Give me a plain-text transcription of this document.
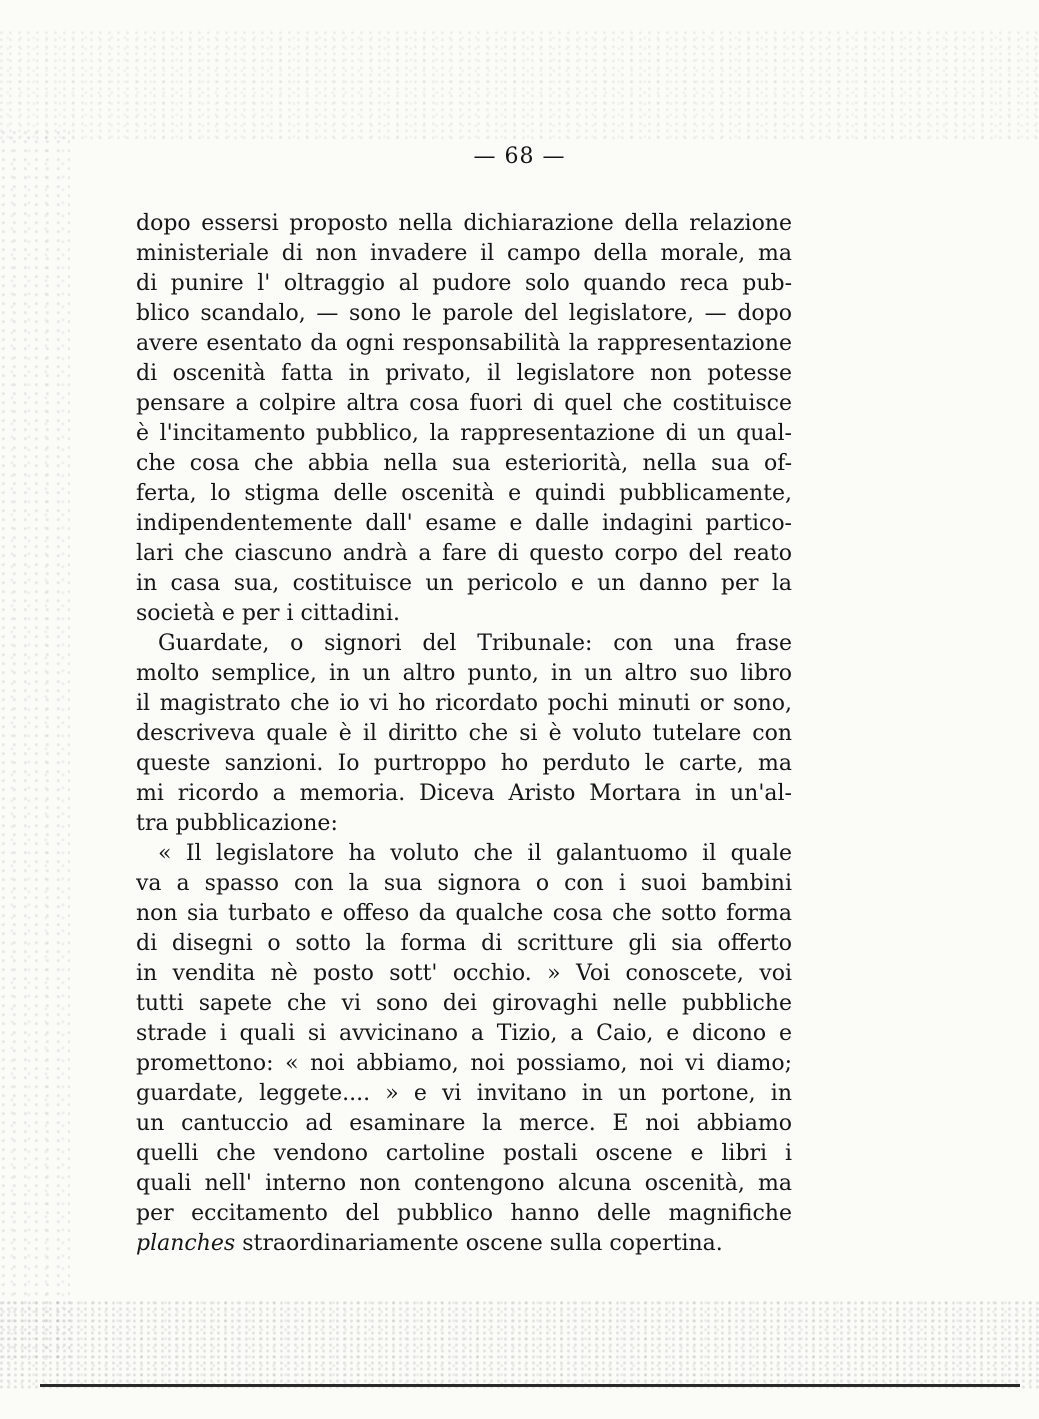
— 68 —
dopo essersi proposto nella dichiarazione della relazione
ministeriale di non invadere il campo della morale, ma
di punire l' oltraggio al pudore solo quando reca pub-
blico scandalo, — sono le parole del legislatore, — dopo
avere esentato da ogni responsabilità la rappresentazione
di oscenità fatta in privato, il legislatore non potesse
pensare a colpire altra cosa fuori di quel che costituisce
è l'incitamento pubblico, la rappresentazione di un qual-
che cosa che abbia nella sua esteriorità, nella sua of-
ferta, lo stigma delle oscenità e quindi pubblicamente,
indipendentemente dall' esame e dalle indagini partico-
lari che ciascuno andrà a fare di questo corpo del reato
in casa sua, costituisce un pericolo e un danno per la
società e per i cittadini.
Guardate, o signori del Tribunale: con una frase
molto semplice, in un altro punto, in un altro suo libro
il magistrato che io vi ho ricordato pochi minuti or sono,
descriveva quale è il diritto che si è voluto tutelare con
queste sanzioni. Io purtroppo ho perduto le carte, ma
mi ricordo a memoria. Diceva Aristo Mortara in un'al-
tra pubblicazione:
« Il legislatore ha voluto che il galantuomo il quale
va a spasso con la sua signora o con i suoi bambini
non sia turbato e offeso da qualche cosa che sotto forma
di disegni o sotto la forma di scritture gli sia offerto
in vendita nè posto sott' occhio. » Voi conoscete, voi
tutti sapete che vi sono dei girovaghi nelle pubbliche
strade i quali si avvicinano a Tizio, a Caio, e dicono e
promettono: « noi abbiamo, noi possiamo, noi vi diamo;
guardate, leggete.... » e vi invitano in un portone, in
un cantuccio ad esaminare la merce. E noi abbiamo
quelli che vendono cartoline postali oscene e libri i
quali nell' interno non contengono alcuna oscenità, ma
per eccitamento del pubblico hanno delle magnifiche
planches straordinariamente oscene sulla copertina.
